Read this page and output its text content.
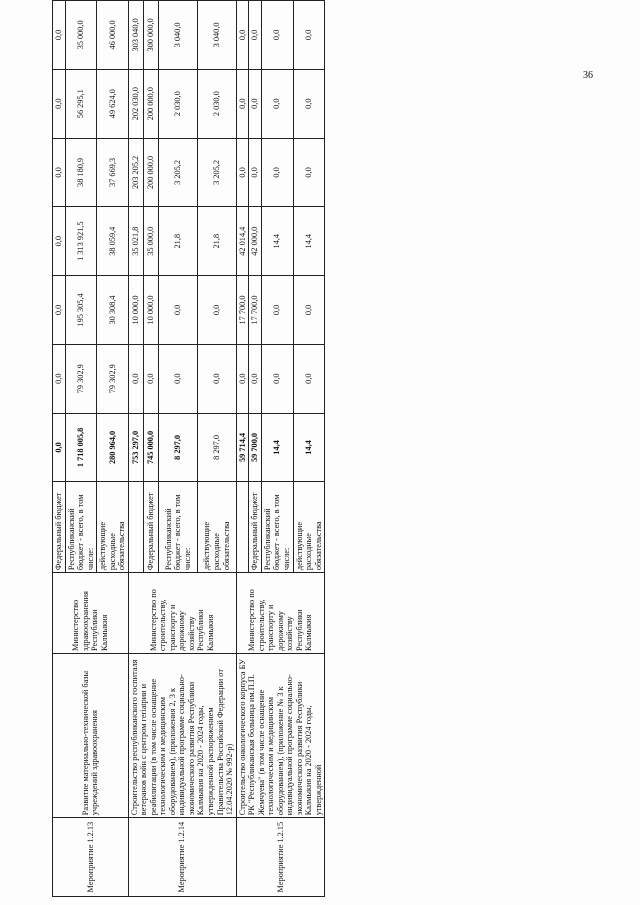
36
Мероприятие 1.2.13	Развитие материально-технической базы учреждений здравоохранения	Министерство здравоохранения Республики Калмыкия	Федеральный бюджет	0,0	0,0	0,0	0,0	0,0	0,0	0,0
			Республиканский бюджет - всего, в том числе:	1 718 005,8	79 302,9	195 305,4	1 313 921,5	38 180,9	56 295,1	35 000,0
			действующие расходные обязательства	280 964,0	79 302,9	30 308,4	38 059,4	37 669,3	49 624,0	46 000,0
Мероприятие 1.2.14	Строительство республиканского госпиталя ветеранов войн с центром геriatрии и реабилитации (в том числе оснащение технологическим и медицинским оборудованием), (приложения 2, 3 к индивидуальной программе социально-экономического развития Республики Калмыкия на 2020 - 2024 годы, утвержденной распоряжением Правительства Российской Федерации от 12.04.2020 № 992-р)	Министерство по строительству, транспорту и дорожному хозяйству Республики Калмыкия		753 297,0	0,0	10 000,0	35 021,8	203 205,2	202 030,0	303 040,0
			Федеральный бюджет	745 000,0	0,0	10 000,0	35 000,0	200 000,0	200 000,0	300 000,0
			Республиканский бюджет - всего, в том числе:	8 297,0	0,0	0,0	21,8	3 205,2	2 030,0	3 040,0
			действующие расходные обязательства	8 297,0	0,0	0,0	21,8	3 205,2	2 030,0	3 040,0
Мероприятие 1.2.15	Строительство онкологического корпуса БУ РК "Республиканская больница им.П.П. Жемчуева" (в том числе оснащение технологическим и медицинским оборудованием), (приложение № 3 к индивидуальной программе социально-экономического развития Республики Калмыкия на 2020 - 2024 годы, утвержденной	Министерство по строительству, транспорту и дорожному хозяйству Республики Калмыкия		59 714,4	0,0	17 700,0	42 014,4	0,0	0,0	0,0
			Федеральный бюджет	59 700,0	0,0	17 700,0	42 000,0	0,0	0,0	0,0
			Республиканский бюджет - всего, в том числе:	14,4	0,0	0,0	14,4	0,0	0,0	0,0
			действующие расходные обязательства	14,4	0,0	0,0	14,4	0,0	0,0	0,0
